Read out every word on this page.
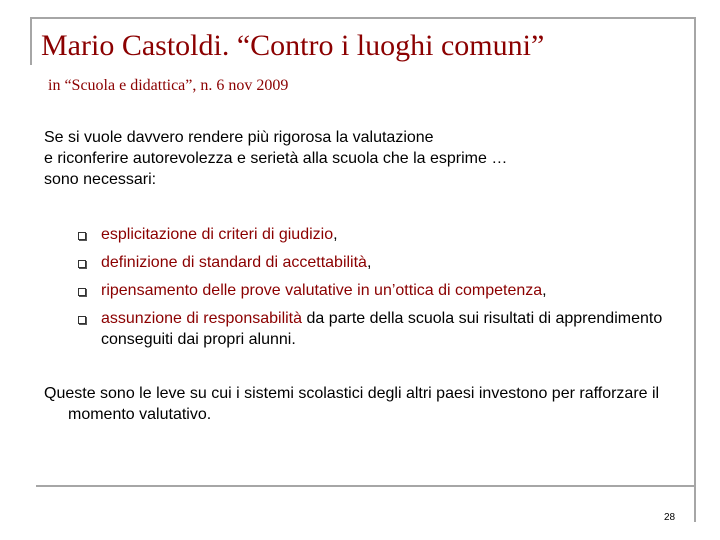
Mario Castoldi. “Contro i luoghi comuni”

in “Scuola e didattica”, n. 6 nov 2009

Se si vuole davvero rendere più rigorosa la valutazione
e riconferire autorevolezza e serietà alla scuola che la esprime …
sono necessari:
esplicitazione di criteri di giudizio,
definizione di standard di accettabilità,
ripensamento delle prove valutative in un’ottica di competenza,
assunzione di responsabilità da parte della scuola sui risultati di apprendimento conseguiti dai propri alunni.
Queste sono le leve su cui i sistemi scolastici degli altri paesi investono per rafforzare il momento valutativo.
28
